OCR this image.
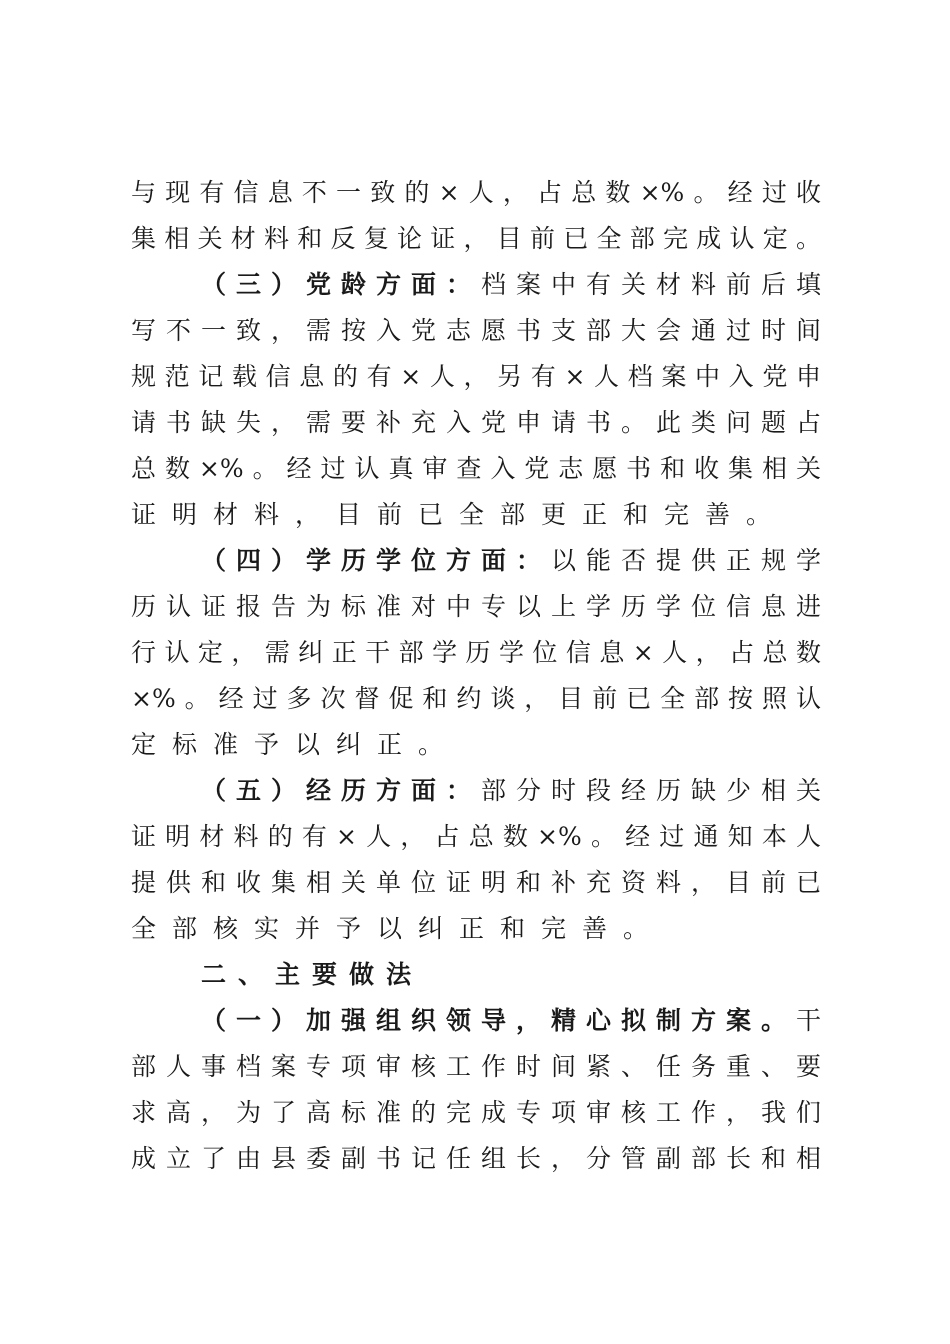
与现有信息不一致的×人，占总数×%。经过收
集相关材料和反复论证，目前已全部完成认定。
（三）党龄方面：档案中有关材料前后填
写不一致，需按入党志愿书支部大会通过时间
规范记载信息的有×人，另有×人档案中入党申
请书缺失，需要补充入党申请书。此类问题占
总数×%。经过认真审查入党志愿书和收集相关
证明材料，目前已全部更正和完善。
（四）学历学位方面：以能否提供正规学
历认证报告为标准对中专以上学历学位信息进
行认定，需纠正干部学历学位信息×人，占总数
×%。经过多次督促和约谈，目前已全部按照认
定标准予以纠正。
（五）经历方面：部分时段经历缺少相关
证明材料的有×人，占总数×%。经过通知本人
提供和收集相关单位证明和补充资料，目前已
全部核实并予以纠正和完善。
二、主要做法
（一）加强组织领导，精心拟制方案。干
部人事档案专项审核工作时间紧、任务重、要
求高，为了高标准的完成专项审核工作，我们
成立了由县委副书记任组长，分管副部长和相
